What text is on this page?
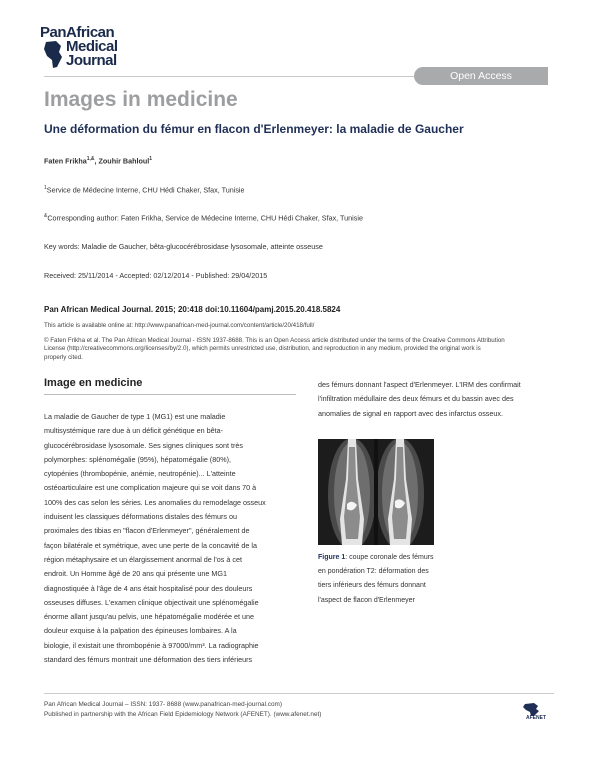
PanAfrican
Medical
Journal
Open Access
Images in medicine
Une déformation du fémur en flacon d'Erlenmeyer: la maladie de Gaucher
Faten Frikha$^{1,\&}$, Zouhir Bahloul$^1$
$^1$Service de Médecine Interne, CHU Hédi Chaker, Sfax, Tunisie
&Corresponding author: Faten Frikha, Service de Médecine Interne, CHU Hédi Chaker, Sfax, Tunisie
Key words: Maladie de Gaucher, bêta-glucocérébrosidase lysosomale, atteinte osseuse
Received: 25/11/2014 - Accepted: 02/12/2014 - Published: 29/04/2015
Pan African Medical Journal. 2015; 20:418 doi:10.11604/pamj.2015.20.418.5824
This article is available online at: http://www.panafrican-med-journal.com/content/article/20/418/full/
© Faten Frikha et al. The Pan African Medical Journal - ISSN 1937-8688. This is an Open Access article distributed under the terms of the Creative Commons Attribution
License (http://creativecommons.org/licenses/by/2.0), which permits unrestricted use, distribution, and reproduction in any medium, provided the original work is
properly cited.
Image en medicine
La maladie de Gaucher de type 1 (MG1) est une maladie
multisystémique rare due à un déficit génétique en bêta-
glucocérébrosidase lysosomale. Ses signes cliniques sont très
polymorphes: splénomégalie (95%), hépatomégalie (80%),
cytopénies (thrombopénie, anémie, neutropénie)... L'atteinte
ostéoarticulaire est une complication majeure qui se voit dans 70 à
100% des cas selon les séries. Les anomalies du remodelage osseux
induisent les classiques déformations distales des fémurs ou
proximales des tibias en "flacon d'Erlenmeyer", généralement de
façon bilatérale et symétrique, avec une perte de la concavité de la
région métaphysaire et un élargissement anormal de l'os à cet
endroit. Un Homme âgé de 20 ans qui présente une MG1
diagnostiquée à l'âge de 4 ans était hospitalisé pour des douleurs
osseuses diffuses. L'examen clinique objectivait une splénomégalie
énorme allant jusqu'au pelvis, une hépatomégalie modérée et une
douleur exquise à la palpation des épineuses lombaires. A la
biologie, il existait une thrombopénie à 97000/mm³. La radiographie
standard des fémurs montrait une déformation des tiers inférieurs
des fémurs donnant l'aspect d'Erlenmeyer. L'IRM des confirmait
l'infiltration médullaire des deux fémurs et du bassin avec des
anomalies de signal en rapport avec des infarctus osseux.
Figure 1: coupe coronale des fémurs
en pondération T2: déformation des
tiers inférieurs des fémurs donnant
l'aspect de flacon d'Erlenmeyer
Pan African Medical Journal – ISSN: 1937- 8688 (www.panafrican-med-journal.com)
Published in partnership with the African Field Epidemiology Network (AFENET). (www.afenet.net)	AFENET
